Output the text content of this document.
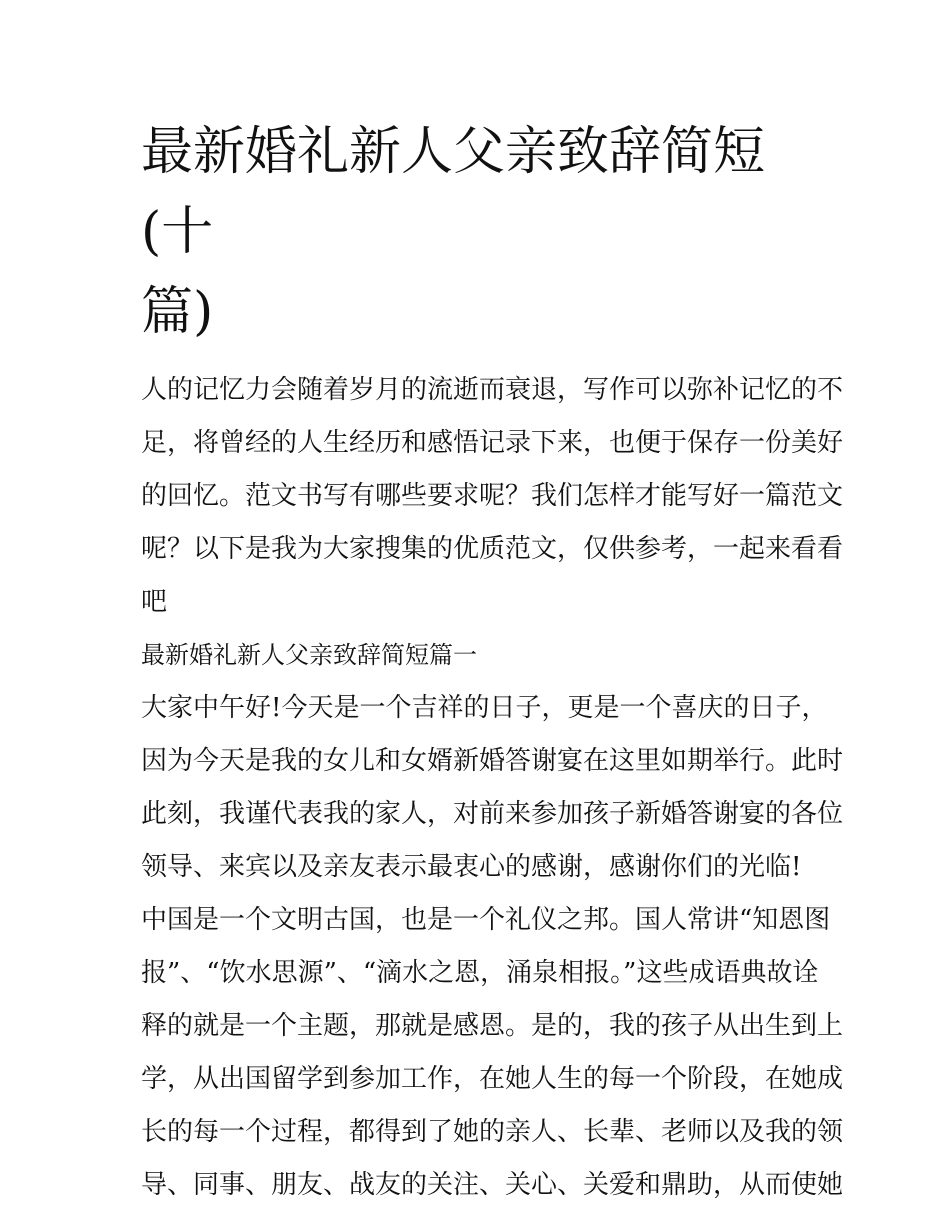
最新婚礼新人父亲致辞简短(十
篇)

人的记忆力会随着岁月的流逝而衰退，写作可以弥补记忆的不
足，将曾经的人生经历和感悟记录下来，也便于保存一份美好
的回忆。范文书写有哪些要求呢？我们怎样才能写好一篇范文
呢？以下是我为大家搜集的优质范文，仅供参考，一起来看看
吧

最新婚礼新人父亲致辞简短篇一

大家中午好!今天是一个吉祥的日子，更是一个喜庆的日子，
因为今天是我的女儿和女婿新婚答谢宴在这里如期举行。此时
此刻，我谨代表我的家人，对前来参加孩子新婚答谢宴的各位
领导、来宾以及亲友表示最衷心的感谢，感谢你们的光临!

中国是一个文明古国，也是一个礼仪之邦。国人常讲“知恩图
报”、“饮水思源”、“滴水之恩，涌泉相报。”这些成语典故诠
释的就是一个主题，那就是感恩。是的，我的孩子从出生到上
学，从出国留学到参加工作，在她人生的每一个阶段，在她成
长的每一个过程，都得到了她的亲人、长辈、老师以及我的领
导、同事、朋友、战友的关注、关心、关爱和鼎助，从而使她
